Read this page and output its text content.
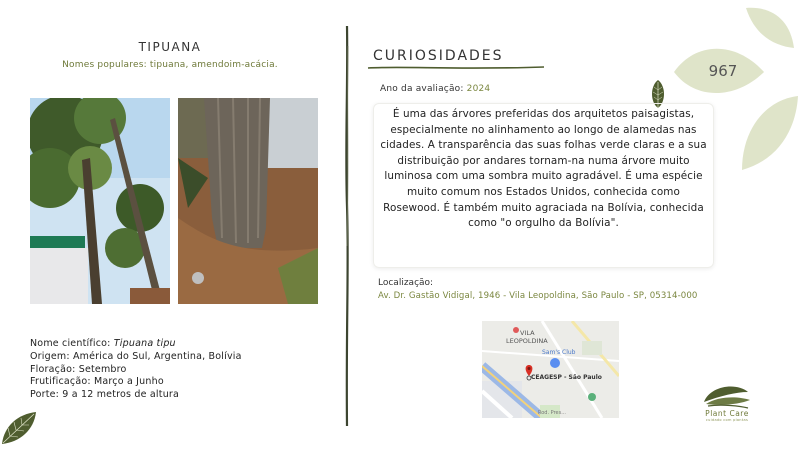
967
TIPUANA
Nomes populares: tipuana, amendoim-acácia.
Nome científico: Tipuana tipu
Origem: América do Sul, Argentina, Bolívia
Floração: Setembro
Frutificação: Março a Junho
Porte: 9 a 12 metros de altura
CURIOSIDADES
Ano da avaliação: 2024
É uma das árvores preferidas dos arquitetos paisagistas, especialmente no alinhamento ao longo de alamedas nas cidades. A transparência das suas folhas verde claras e a sua distribuição por andares tornam-na numa árvore muito luminosa com uma sombra muito agradável. É uma espécie muito comum nos Estados Unidos, conhecida como Rosewood. É também muito agraciada na Bolívia, conhecida como "o orgulho da Bolívia".
Localização:
Av. Dr. Gastão Vidigal, 1946 - Vila Leopoldina, São Paulo - SP, 05314-000
VILA
LEOPOLDINA
Sam's Club
CEAGESP - São Paulo
Rod. Pres...	Plant Care
cuidado com plantas
